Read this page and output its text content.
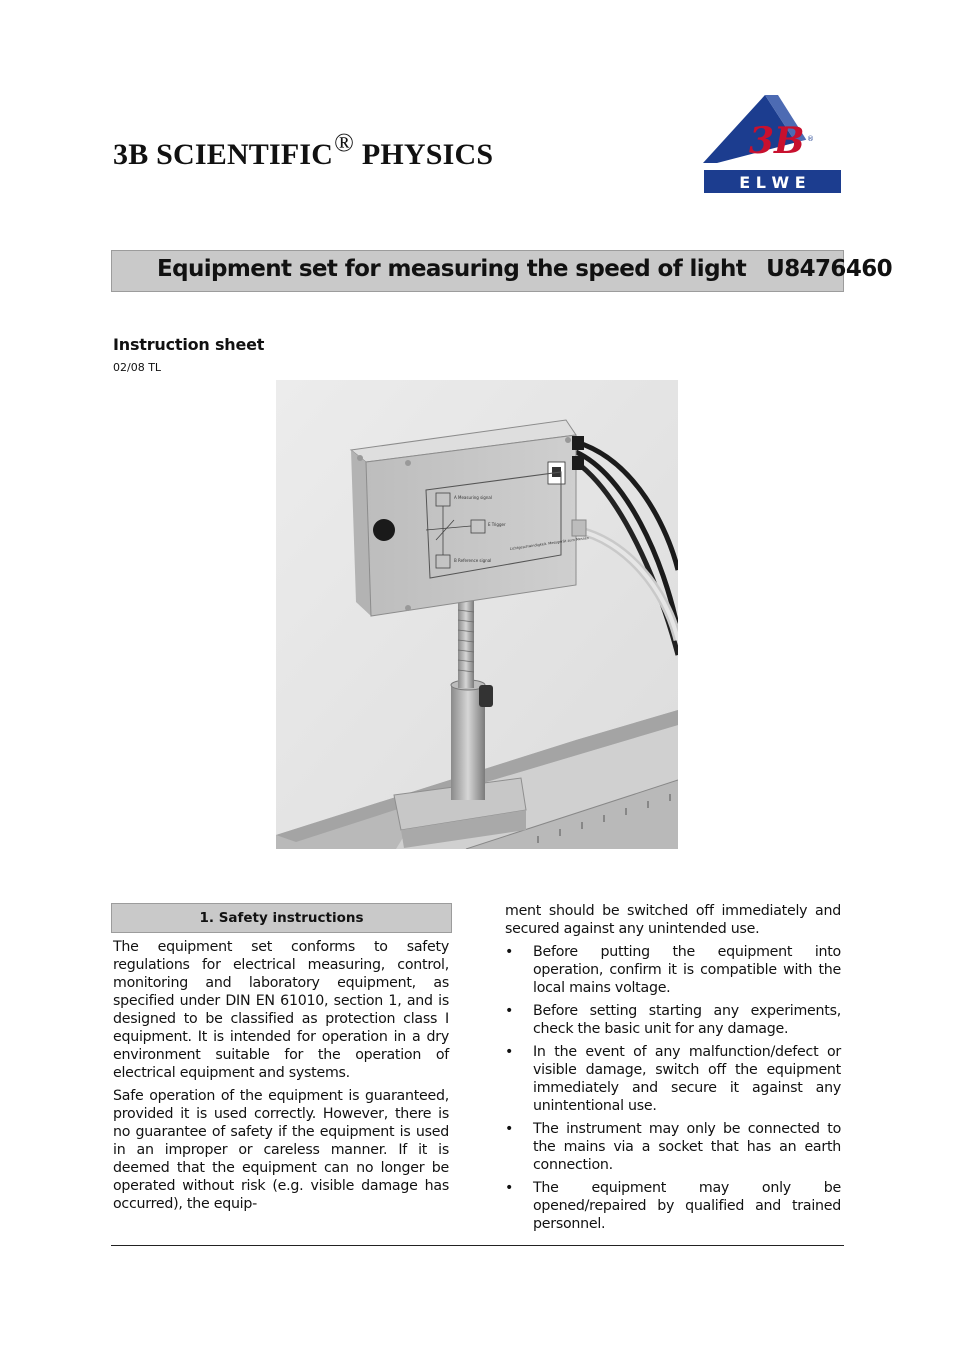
3B SCIENTIFIC® PHYSICS	3B ®
E L W E
Equipment set for measuring the speed of light U8476460
Instruction sheet
02/08 TL
A Measuring signal
E Trigger
B Reference signal
Lichtgeschwindigkeit. Messgerät zum Messen
1. Safety instructions

The equipment set conforms to safety regulations for electrical measuring, control, monitoring and laboratory equipment, as specified under DIN EN 61010, section 1, and is designed to be classified as protection class I equipment. It is intended for operation in a dry environment suitable for the operation of electrical equipment and systems.

Safe operation of the equipment is guaranteed, provided it is used correctly. However, there is no guarantee of safety if the equipment is used in an improper or careless manner. If it is deemed that the equipment can no longer be operated without risk (e.g. visible damage has occurred), the equip-

ment should be switched off immediately and secured against any unintended use.

• Before putting the equipment into operation, confirm it is compatible with the local mains voltage.
• Before setting starting any experiments, check the basic unit for any damage.
• In the event of any malfunction/defect or visible damage, switch off the equipment immediately and secure it against any unintentional use.
• The instrument may only be connected to the mains via a socket that has an earth connection.
• The equipment may only be opened/repaired by qualified and trained personnel.
